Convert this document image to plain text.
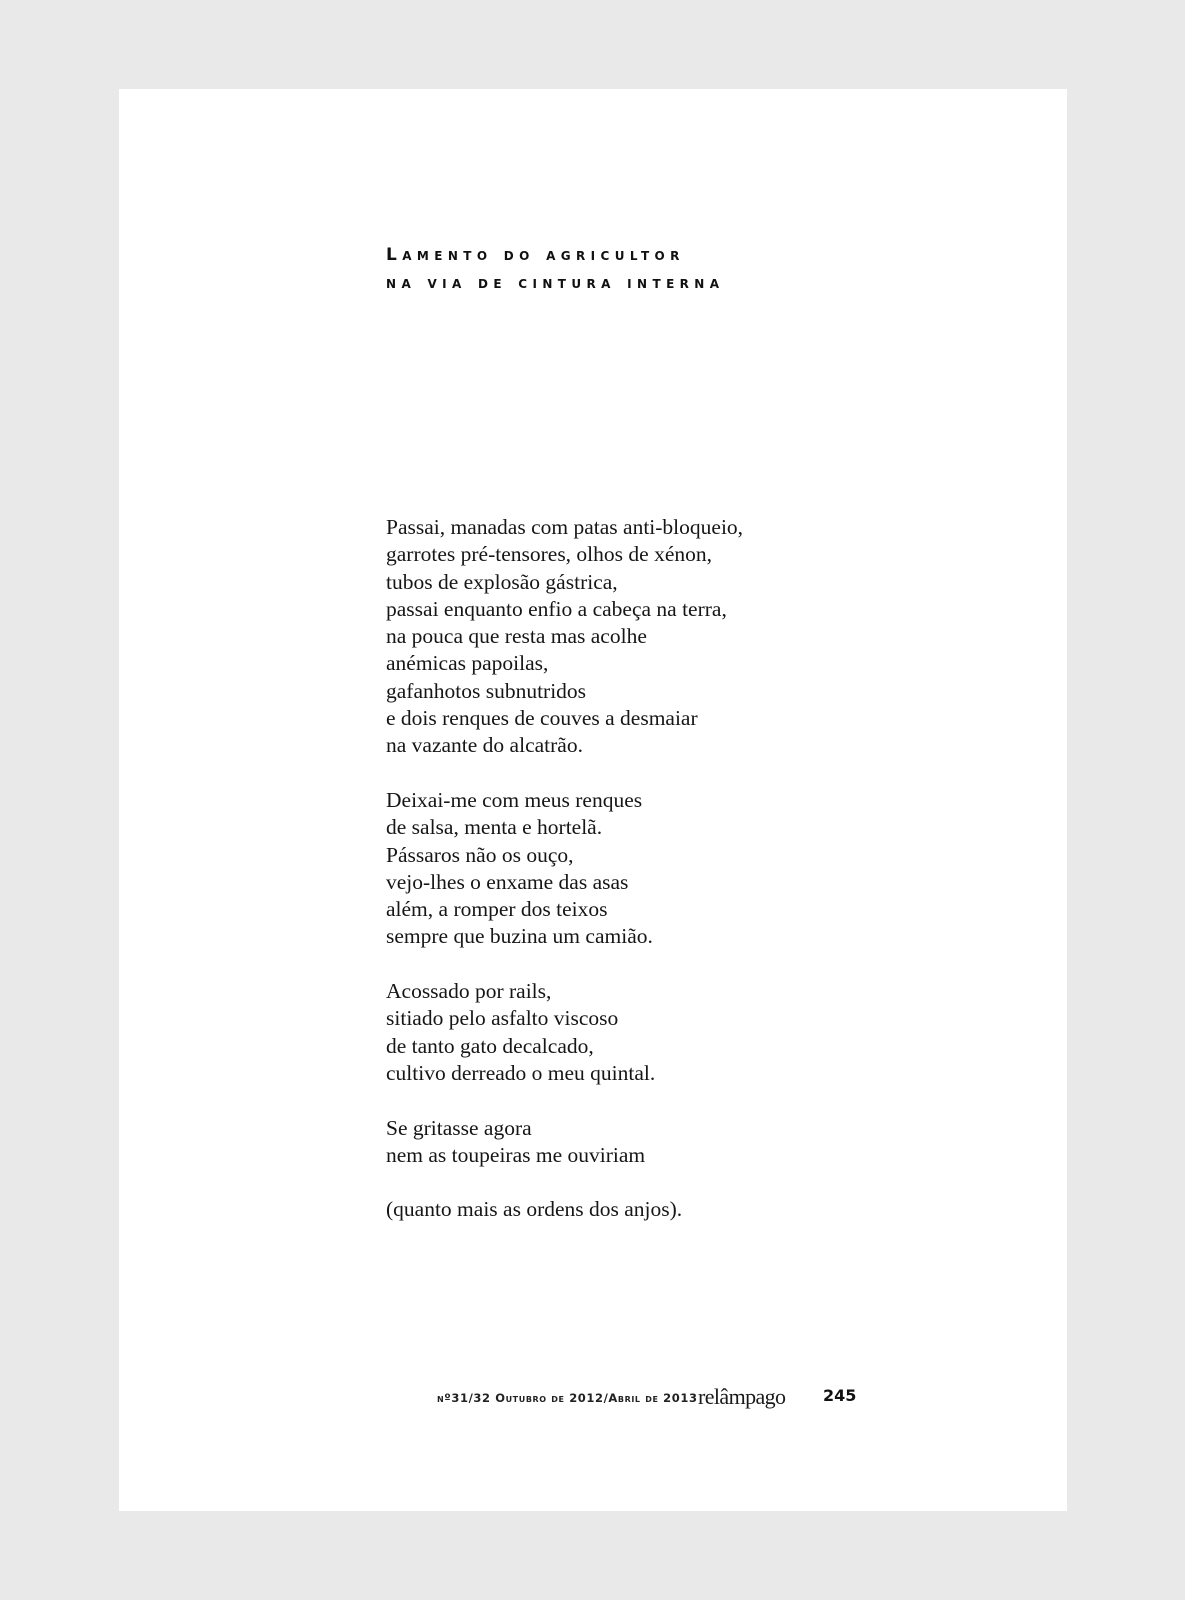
Lamento do agricultor
na via de cintura interna

Passai, manadas com patas anti-bloqueio,
garrotes pré-tensores, olhos de xénon,
tubos de explosão gástrica,
passai enquanto enfio a cabeça na terra,
na pouca que resta mas acolhe
anémicas papoilas,
gafanhotos subnutridos
e dois renques de couves a desmaiar
na vazante do alcatrão.

Deixai-me com meus renques
de salsa, menta e hortelã.
Pássaros não os ouço,
vejo-lhes o enxame das asas
além, a romper dos teixos
sempre que buzina um camião.

Acossado por rails,
sitiado pelo asfalto viscoso
de tanto gato decalcado,
cultivo derreado o meu quintal.

Se gritasse agora
nem as toupeiras me ouviriam

(quanto mais as ordens dos anjos).

nº31/32 Outubro de 2012/Abril de 2013 relâmpago 245
